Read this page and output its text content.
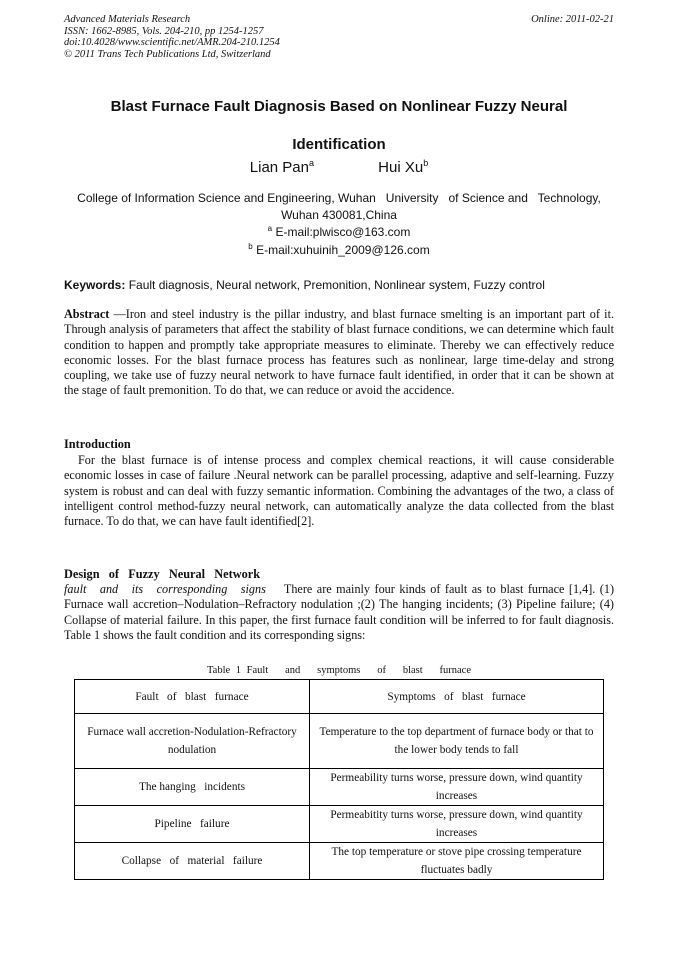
Advanced Materials Research
ISSN: 1662-8985, Vols. 204-210, pp 1254-1257
doi:10.4028/www.scientific.net/AMR.204-210.1254
© 2011 Trans Tech Publications Ltd, Switzerland
Online: 2011-02-21
Blast Furnace Fault Diagnosis Based on Nonlinear Fuzzy Neural
Identification
Lian Pan$^a$	Hui Xu$^b$
College of Information Science and Engineering, Wuhan   University   of Science and   Technology,
Wuhan 430081,China
$^a$ E-mail:plwisco@163.com
$^b$ E-mail:xuhuinih_2009@126.com
Keywords: Fault diagnosis, Neural network, Premonition, Nonlinear system, Fuzzy control
Abstract —Iron and steel industry is the pillar industry, and blast furnace smelting is an important part of it. Through analysis of parameters that affect the stability of blast furnace conditions, we can determine which fault condition to happen and promptly take appropriate measures to eliminate. Thereby we can effectively reduce economic losses. For the blast furnace process has features such as nonlinear, large time-delay and strong coupling, we take use of fuzzy neural network to have furnace fault identified, in order that it can be shown at the stage of fault premonition. To do that, we can reduce or avoid the accidence.
Introduction
For the blast furnace is of intense process and complex chemical reactions, it will cause considerable economic losses in case of failure .Neural network can be parallel processing, adaptive and self-learning. Fuzzy system is robust and can deal with fuzzy semantic information. Combining the advantages of the two, a class of intelligent control method-fuzzy neural network, can automatically analyze the data collected from the blast furnace. To do that, we can have fault identified[2].
Design   of   Fuzzy   Neural   Network
fault   and   its   corresponding   signs There are mainly four kinds of fault as to blast furnace [1,4]. (1) Furnace wall accretion–Nodulation–Refractory nodulation ;(2) The hanging incidents; (3) Pipeline failure; (4) Collapse of material failure. In this paper, the first furnace fault condition will be inferred to for fault diagnosis. Table 1 shows the fault condition and its corresponding signs:
Table 1 Fault   and   symptoms   of   blast   furnace
Fault   of   blast   furnace	Symptoms   of   blast   furnace
Furnace wall accretion-Nodulation-Refractory nodulation	Temperature to the top department of furnace body or that to the lower body tends to fall
The hanging   incidents	Permeability turns worse, pressure down, wind quantity increases
Pipeline   failure	Permeabitity turns worse, pressure down, wind quantity increases
Collapse   of   material   failure	The top temperature or stove pipe crossing temperature fluctuates badly
